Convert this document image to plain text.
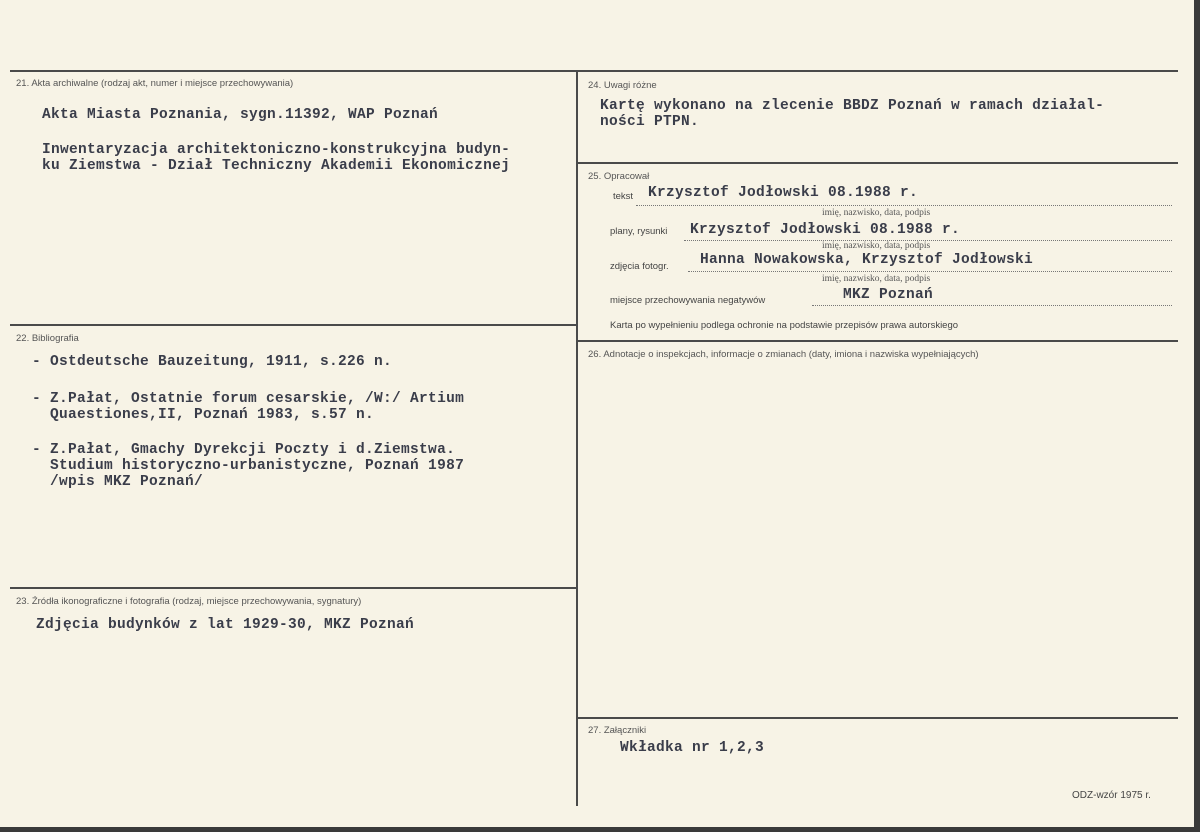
21. Akta archiwalne (rodzaj akt, numer i miejsce przechowywania)
Akta Miasta Poznania, sygn.11392, WAP Poznań
Inwentaryzacja architektoniczno-konstrukcyjna budyn-
ku Ziemstwa - Dział Techniczny Akademii Ekonomicznej
22. Bibliografia
- Ostdeutsche Bauzeitung, 1911, s.226 n.
- Z.Pałat, Ostatnie forum cesarskie, /W:/ Artium
Quaestiones,II, Poznań 1983, s.57 n.
- Z.Pałat, Gmachy Dyrekcji Poczty i d.Ziemstwa.
Studium historyczno-urbanistyczne, Poznań 1987
/wpis MKZ Poznań/
23. Źródła ikonograficzne i fotografia (rodzaj, miejsce przechowywania, sygnatury)
Zdjęcia budynków z lat 1929-30, MKZ Poznań
24. Uwagi różne
Kartę wykonano na zlecenie BBDZ Poznań w ramach działal-
ności PTPN.
25. Opracował
tekst Krzysztof Jodłowski 08.1988 r.
imię, nazwisko, data, podpis
plany, rysunki Krzysztof Jodłowski 08.1988 r.
imię, nazwisko, data, podpis
zdjęcia fotogr. Hanna Nowakowska, Krzysztof Jodłowski
imię, nazwisko, data, podpis
miejsce przechowywania negatywów	MKZ Poznań
Karta po wypełnieniu podlega ochronie na podstawie przepisów prawa autorskiego
26. Adnotacje o inspekcjach, informacje o zmianach (daty, imiona i nazwiska wypełniających)
27. Załączniki
Wkładka nr 1,2,3
ODZ-wzór 1975 r.
